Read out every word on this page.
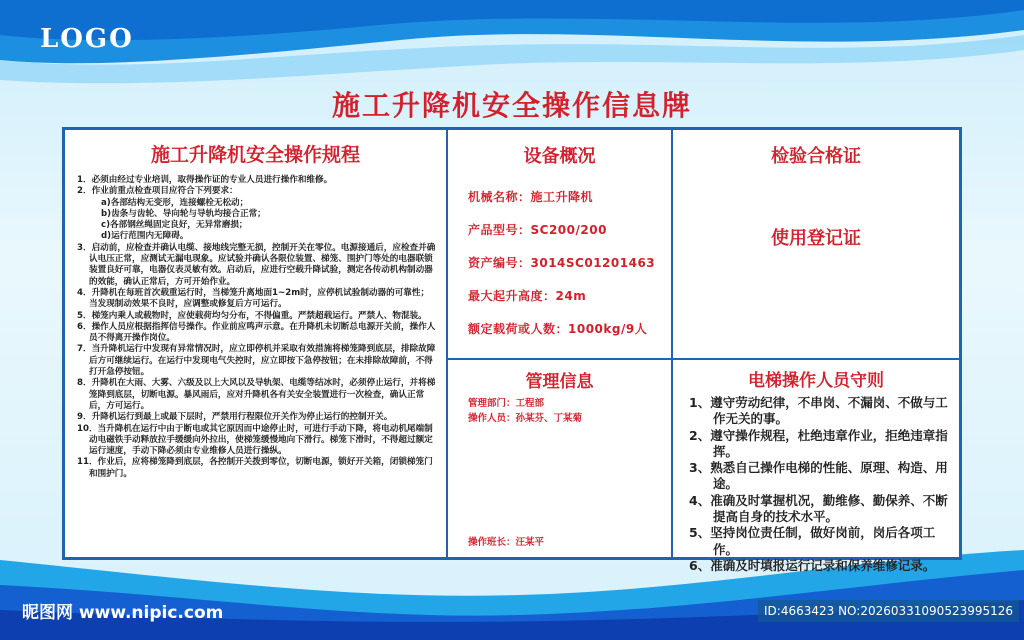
LOGO
施工升降机安全操作信息牌
施工升降机安全操作规程
1．必须由经过专业培训，取得操作证的专业人员进行操作和维修。
2．作业前重点检查项目应符合下列要求：
a)各部结构无变形，连接螺栓无松动；
b)齿条与齿轮、导向轮与导轨均接合正常；
c)各部钢丝绳固定良好，无异常磨损；
d)运行范围内无障碍。
3．启动前，应检查并确认电缆、接地线完整无损，控制开关在零位。电源接通后，应检查并确认电压正常，应测试无漏电现象。应试验并确认各限位装置、梯笼、围护门等处的电器联锁装置良好可靠，电器仪表灵敏有效。启动后，应进行空载升降试验，测定各传动机构制动器的效能，确认正常后，方可开始作业。
4．升降机在每班首次载重运行时，当梯笼升离地面1~2m时，应停机试验制动器的可靠性；当发现制动效果不良时，应调整或修复后方可运行。
5．梯笼内乘人或载物时，应使载荷均匀分布，不得偏重。严禁超载运行。严禁人、物混装。
6．操作人员应根据指挥信号操作。作业前应鸣声示意。在升降机未切断总电源开关前，操作人员不得离开操作岗位。
7．当升降机运行中发现有异常情况时，应立即停机并采取有效措施将梯笼降到底层，排除故障后方可继续运行。在运行中发现电气失控时，应立即按下急停按钮；在未排除故障前，不得打开急停按钮。
8．升降机在大雨、大雾、六级及以上大风以及导轨架、电缆等结冰时，必须停止运行，并将梯笼降到底层，切断电源。暴风雨后，应对升降机各有关安全装置进行一次检查，确认正常后，方可运行。
9．升降机运行到最上或最下层时，严禁用行程限位开关作为停止运行的控制开关。
10．当升降机在运行中由于断电或其它原因而中途停止时，可进行手动下降，将电动机尾端制动电磁铁手动释放拉手缓缓向外拉出，使梯笼缓慢地向下滑行。梯笼下滑时，不得超过额定运行速度，手动下降必须由专业维修人员进行操纵。
11．作业后，应将梯笼降到底层，各控制开关拨到零位，切断电源，锁好开关箱，闭锁梯笼门和围护门。
设备概况
机械名称：施工升降机
产品型号：SC200/200
资产编号：3014SC01201463
最大起升高度：24m
额定载荷或人数：1000kg/9人
检验合格证
使用登记证
管理信息
管理部门：工程部
操作人员：孙某芬、丁某菊
操作班长：汪某平
电梯操作人员守则
1、遵守劳动纪律，不串岗、不漏岗、不做与工作无关的事。
2、遵守操作规程，杜绝违章作业，拒绝违章指挥。
3、熟悉自己操作电梯的性能、原理、构造、用途。
4、准确及时掌握机况，勤维修、勤保养、不断提高自身的技术水平。
5、坚持岗位责任制，做好岗前，岗后各项工作。
6、准确及时填报运行记录和保养维修记录。
昵图网 www.nipic.com	ID:4663423 NO:20260331090523995126
